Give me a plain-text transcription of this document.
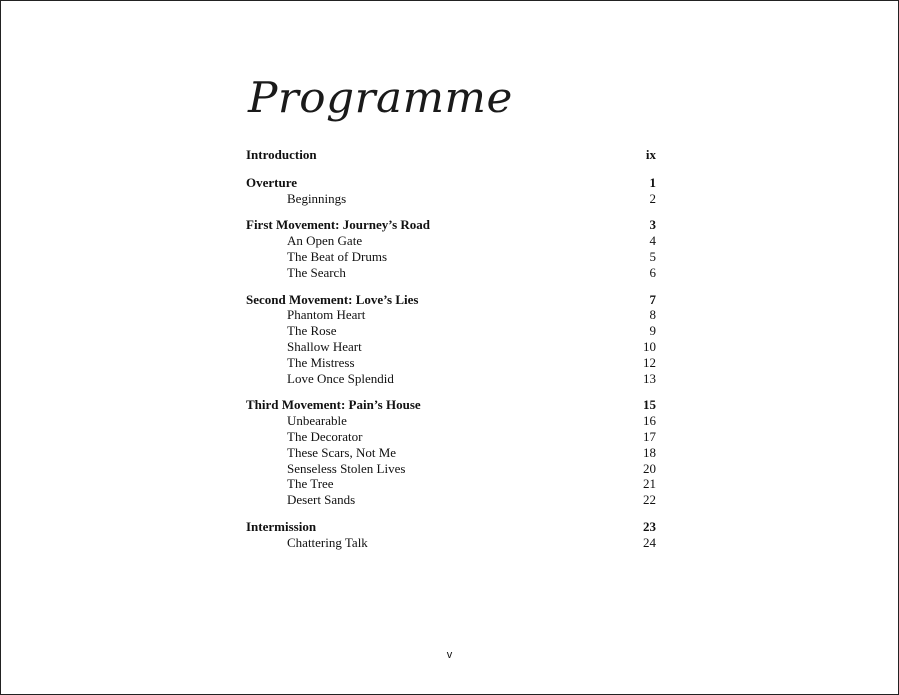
Programme
Introduction	ix
Overture	1
Beginnings	2
First Movement: Journey’s Road	3
An Open Gate	4
The Beat of Drums	5
The Search	6
Second Movement: Love’s Lies	7
Phantom Heart	8
The Rose	9
Shallow Heart	10
The Mistress	12
Love Once Splendid	13
Third Movement: Pain’s House	15
Unbearable	16
The Decorator	17
These Scars, Not Me	18
Senseless Stolen Lives	20
The Tree	21
Desert Sands	22
Intermission	23
Chattering Talk	24
v
